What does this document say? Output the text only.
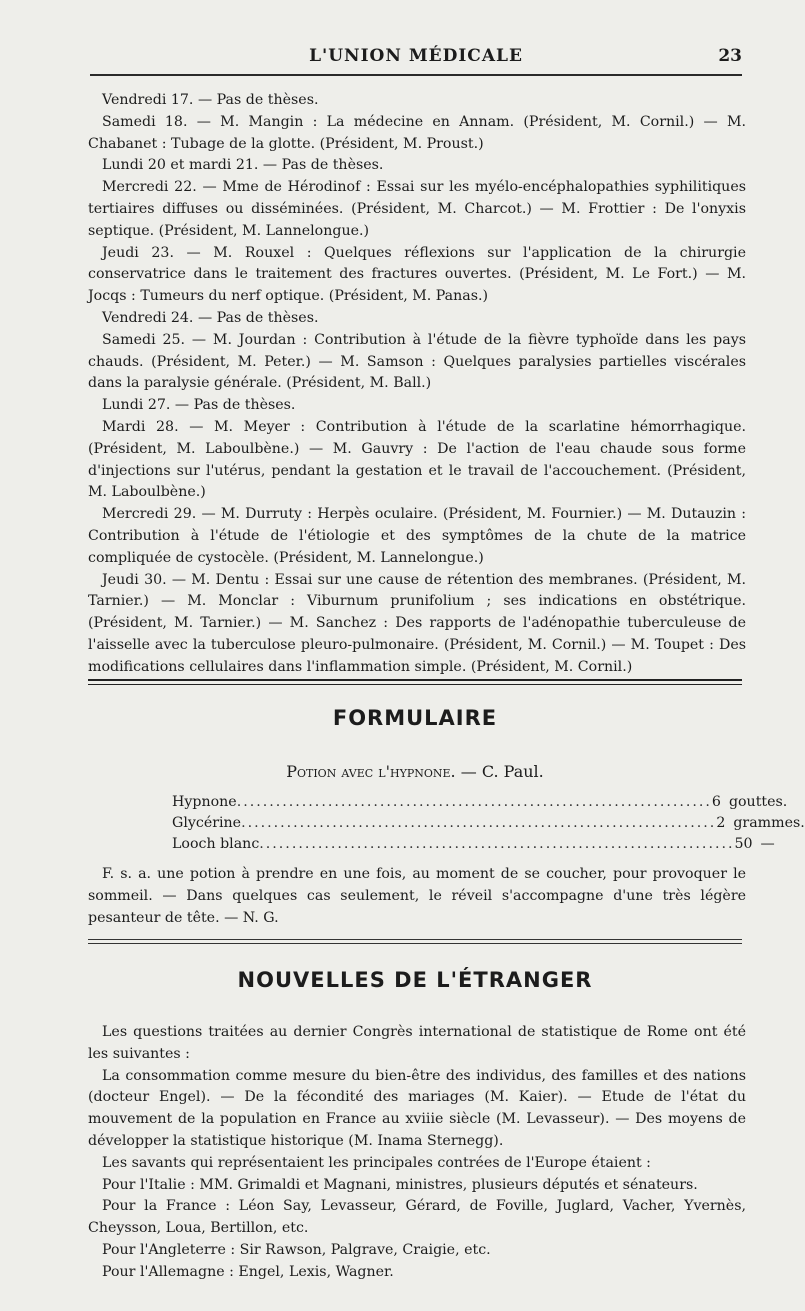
L'UNION MÉDICALE	23

Vendredi 17. — Pas de thèses.

Samedi 18. — M. Mangin : La médecine en Annam. (Président, M. Cornil.) — M. Chabanet : Tubage de la glotte. (Président, M. Proust.)

Lundi 20 et mardi 21. — Pas de thèses.

Mercredi 22. — Mme de Hérodinof : Essai sur les myélo-encéphalopathies syphilitiques tertiaires diffuses ou disséminées. (Président, M. Charcot.) — M. Frottier : De l'onyxis septique. (Président, M. Lannelongue.)

Jeudi 23. — M. Rouxel : Quelques réflexions sur l'application de la chirurgie conservatrice dans le traitement des fractures ouvertes. (Président, M. Le Fort.) — M. Jocqs : Tumeurs du nerf optique. (Président, M. Panas.)

Vendredi 24. — Pas de thèses.

Samedi 25. — M. Jourdan : Contribution à l'étude de la fièvre typhoïde dans les pays chauds. (Président, M. Peter.) — M. Samson : Quelques paralysies partielles viscérales dans la paralysie générale. (Président, M. Ball.)

Lundi 27. — Pas de thèses.

Mardi 28. — M. Meyer : Contribution à l'étude de la scarlatine hémorrhagique. (Président, M. Laboulbène.) — M. Gauvry : De l'action de l'eau chaude sous forme d'injections sur l'utérus, pendant la gestation et le travail de l'accouchement. (Président, M. Laboulbène.)

Mercredi 29. — M. Durruty : Herpès oculaire. (Président, M. Fournier.) — M. Dutauzin : Contribution à l'étude de l'étiologie et des symptômes de la chute de la matrice compliquée de cystocèle. (Président, M. Lannelongue.)

Jeudi 30. — M. Dentu : Essai sur une cause de rétention des membranes. (Président, M. Tarnier.) — M. Monclar : Viburnum prunifolium ; ses indications en obstétrique. (Président, M. Tarnier.) — M. Sanchez : Des rapports de l'adénopathie tuberculeuse de l'aisselle avec la tuberculose pleuro-pulmonaire. (Président, M. Cornil.) — M. Toupet : Des modifications cellulaires dans l'inflammation simple. (Président, M. Cornil.)

FORMULAIRE
Potion avec l'hypnone. — C. Paul.
Hypnone ......................................................................... 6 gouttes.
Glycérine ......................................................................... 2 grammes.
Looch blanc ......................................................................... 50 —

F. s. a. une potion à prendre en une fois, au moment de se coucher, pour provoquer le sommeil. — Dans quelques cas seulement, le réveil s'accompagne d'une très légère pesanteur de tête. — N. G.

NOUVELLES DE L'ÉTRANGER

Les questions traitées au dernier Congrès international de statistique de Rome ont été les suivantes :

La consommation comme mesure du bien-être des individus, des familles et des nations (docteur Engel). — De la fécondité des mariages (M. Kaier). — Etude de l'état du mouvement de la population en France au xviiie siècle (M. Levasseur). — Des moyens de développer la statistique historique (M. Inama Sternegg).

Les savants qui représentaient les principales contrées de l'Europe étaient :

Pour l'Italie : MM. Grimaldi et Magnani, ministres, plusieurs députés et sénateurs.

Pour la France : Léon Say, Levasseur, Gérard, de Foville, Juglard, Vacher, Yvernès, Cheysson, Loua, Bertillon, etc.

Pour l'Angleterre : Sir Rawson, Palgrave, Craigie, etc.

Pour l'Allemagne : Engel, Lexis, Wagner.
